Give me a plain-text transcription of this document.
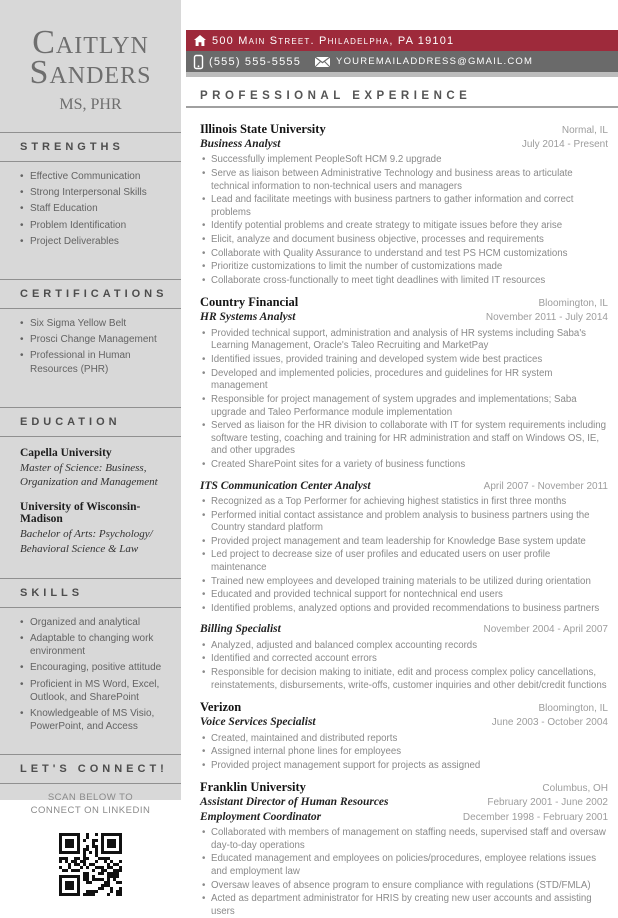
Caitlyn
Sanders
MS, PHR
STRENGTHS
• Effective Communication
• Strong Interpersonal Skills
• Staff Education
• Problem Identification
• Project Deliverables
CERTIFICATIONS
• Six Sigma Yellow Belt
• Prosci Change Management
• Professional in Human Resources (PHR)
EDUCATION
Capella University
Master of Science: Business, Organization and Management
University of Wisconsin-Madison
Bachelor of Arts: Psychology/ Behavioral Science & Law
SKILLS
• Organized and analytical
• Adaptable to changing work environment
• Encouraging, positive attitude
• Proficient in MS Word, Excel, Outlook, and SharePoint
• Knowledgeable of MS Visio, PowerPoint, and Access
LET'S CONNECT!
SCAN BELOW TO
CONNECT ON LINKEDIN
500 Main Street. Philadelpha, PA 19101
(555) 555-5555	YOUREMAILADDRESS@GMAIL.COM
PROFESSIONAL EXPERIENCE
Illinois State University	Normal, IL
Business Analyst	July 2014 - Present
• Successfully implement PeopleSoft HCM 9.2 upgrade
• Serve as liaison between Administrative Technology and business areas to articulate technical information to non-technical users and managers
• Lead and facilitate meetings with business partners to gather information and correct problems
• Identify potential problems and create strategy to mitigate issues before they arise
• Elicit, analyze and document business objective, processes and requirements
• Collaborate with Quality Assurance to understand and test PS HCM customizations
• Prioritize customizations to limit the number of customizations made
• Collaborate cross-functionally to meet tight deadlines with limited IT resources
Country Financial	Bloomington, IL
HR Systems Analyst	November 2011 - July 2014
• Provided technical support, administration and analysis of HR systems including Saba's Learning Management, Oracle's Taleo Recruiting and MarketPay
• Identified issues, provided training and developed system wide best practices
• Developed and implemented policies, procedures and guidelines for HR system management
• Responsible for project management of system upgrades and implementations; Saba upgrade and Taleo Performance module implementation
• Served as liaison for the HR division to collaborate with IT for system requirements including software testing, coaching and training for HR administration and staff on Windows OS, IE, and other upgrades
• Created SharePoint sites for a variety of business functions
ITS Communication Center Analyst	April 2007 - November 2011
• Recognized as a Top Performer for achieving highest statistics in first three months
• Performed initial contact assistance and problem analysis to business partners using the Country standard platform
• Provided project management and team leadership for Knowledge Base system update
• Led project to decrease size of user profiles and educated users on user profile maintenance
• Trained new employees and developed training materials to be utilized during orientation
• Educated and provided technical support for nontechnical end users
• Identified problems, analyzed options and provided recommendations to business partners
Billing Specialist	November 2004 - April 2007
• Analyzed, adjusted and balanced complex accounting records
• Identified and corrected account errors
• Responsible for decision making to initiate, edit and process complex policy cancellations, reinstatements, disbursements, write-offs, customer inquiries and other debit/credit functions
Verizon	Bloomington, IL
Voice Services Specialist	June 2003 - October 2004
• Created, maintained and distributed reports
• Assigned internal phone lines for employees
• Provided project management support for projects as assigned
Franklin University	Columbus, OH
Assistant Director of Human Resources	February 2001 - June 2002
Employment Coordinator	December 1998 - February 2001
• Collaborated with members of management on staffing needs, supervised staff and oversaw day-to-day operations
• Educated management and employees on policies/procedures, employee relations issues and employment law
• Oversaw leaves of absence program to ensure compliance with regulations (STD/FMLA)
• Acted as department administrator for HRIS by creating new user accounts and assisting users
